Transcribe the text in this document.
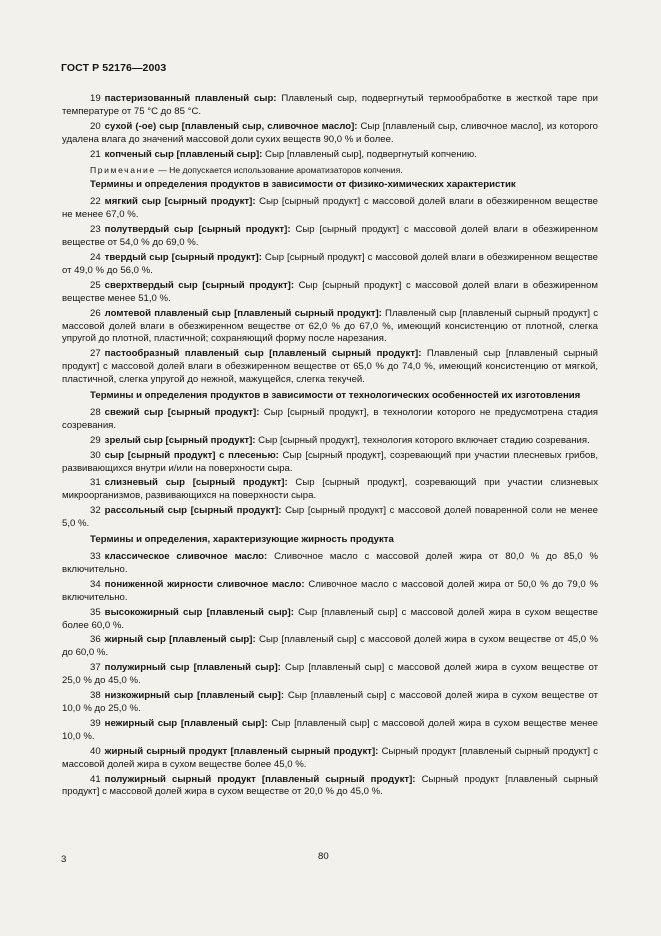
ГОСТ Р 52176—2003

19 пастеризованный плавленый сыр: Плавленый сыр, подвергнутый термообработке в жесткой таре при температуре от 75 °С до 85 °С.

20 сухой (-ое) сыр [плавленый сыр, сливочное масло]: Сыр [плавленый сыр, сливочное масло], из которого удалена влага до значений массовой доли сухих веществ 90,0 % и более.

21 копченый сыр [плавленый сыр]: Сыр [плавленый сыр], подвергнутый копчению.

Примечание — Не допускается использование ароматизаторов копчения.

Термины и определения продуктов в зависимости от физико-химических характеристик

22 мягкий сыр [сырный продукт]: Сыр [сырный продукт] с массовой долей влаги в обезжиренном веществе не менее 67,0 %.

23 полутвердый сыр [сырный продукт]: Сыр [сырный продукт] с массовой долей влаги в обезжиренном веществе от 54,0 % до 69,0 %.

24 твердый сыр [сырный продукт]: Сыр [сырный продукт] с массовой долей влаги в обезжиренном веществе от 49,0 % до 56,0 %.

25 сверхтвердый сыр [сырный продукт]: Сыр [сырный продукт] с массовой долей влаги в обезжиренном веществе менее 51,0 %.

26 ломтевой плавленый сыр [плавленый сырный продукт]: Плавленый сыр [плавленый сырный продукт] с массовой долей влаги в обезжиренном веществе от 62,0 % до 67,0 %, имеющий консистенцию от плотной, слегка упругой до плотной, пластичной; сохраняющий форму после нарезания.

27 пастообразный плавленый сыр [плавленый сырный продукт]: Плавленый сыр [плавленый сырный продукт] с массовой долей влаги в обезжиренном веществе от 65,0 % до 74,0 %, имеющий консистенцию от мягкой, пластичной, слегка упругой до нежной, мажущейся, слегка текучей.

Термины и определения продуктов в зависимости от технологических особенностей их изготовления

28 свежий сыр [сырный продукт]: Сыр [сырный продукт], в технологии которого не предусмотрена стадия созревания.

29 зрелый сыр [сырный продукт]: Сыр [сырный продукт], технология которого включает стадию созревания.

30 сыр [сырный продукт] с плесенью: Сыр [сырный продукт], созревающий при участии плесневых грибов, развивающихся внутри и/или на поверхности сыра.

31 слизневый сыр [сырный продукт]: Сыр [сырный продукт], созревающий при участии слизневых микроорганизмов, развивающихся на поверхности сыра.

32 рассольный сыр [сырный продукт]: Сыр [сырный продукт] с массовой долей поваренной соли не менее 5,0 %.

Термины и определения, характеризующие жирность продукта

33 классическое сливочное масло: Сливочное масло с массовой долей жира от 80,0 % до 85,0 % включительно.

34 пониженной жирности сливочное масло: Сливочное масло с массовой долей жира от 50,0 % до 79,0 % включительно.

35 высокожирный сыр [плавленый сыр]: Сыр [плавленый сыр] с массовой долей жира в сухом веществе более 60,0 %.

36 жирный сыр [плавленый сыр]: Сыр [плавленый сыр] с массовой долей жира в сухом веществе от 45,0 % до 60,0 %.

37 полужирный сыр [плавленый сыр]: Сыр [плавленый сыр] с массовой долей жира в сухом веществе от 25,0 % до 45,0 %.

38 низкожирный сыр [плавленый сыр]: Сыр [плавленый сыр] с массовой долей жира в сухом веществе от 10,0 % до 25,0 %.

39 нежирный сыр [плавленый сыр]: Сыр [плавленый сыр] с массовой долей жира в сухом веществе менее 10,0 %.

40 жирный сырный продукт [плавленый сырный продукт]: Сырный продукт [плавленый сырный продукт] с массовой долей жира в сухом веществе более 45,0 %.

41 полужирный сырный продукт [плавленый сырный продукт]: Сырный продукт [плавленый сырный продукт] с массовой долей жира в сухом веществе от 20,0 % до 45,0 %.

3	80
